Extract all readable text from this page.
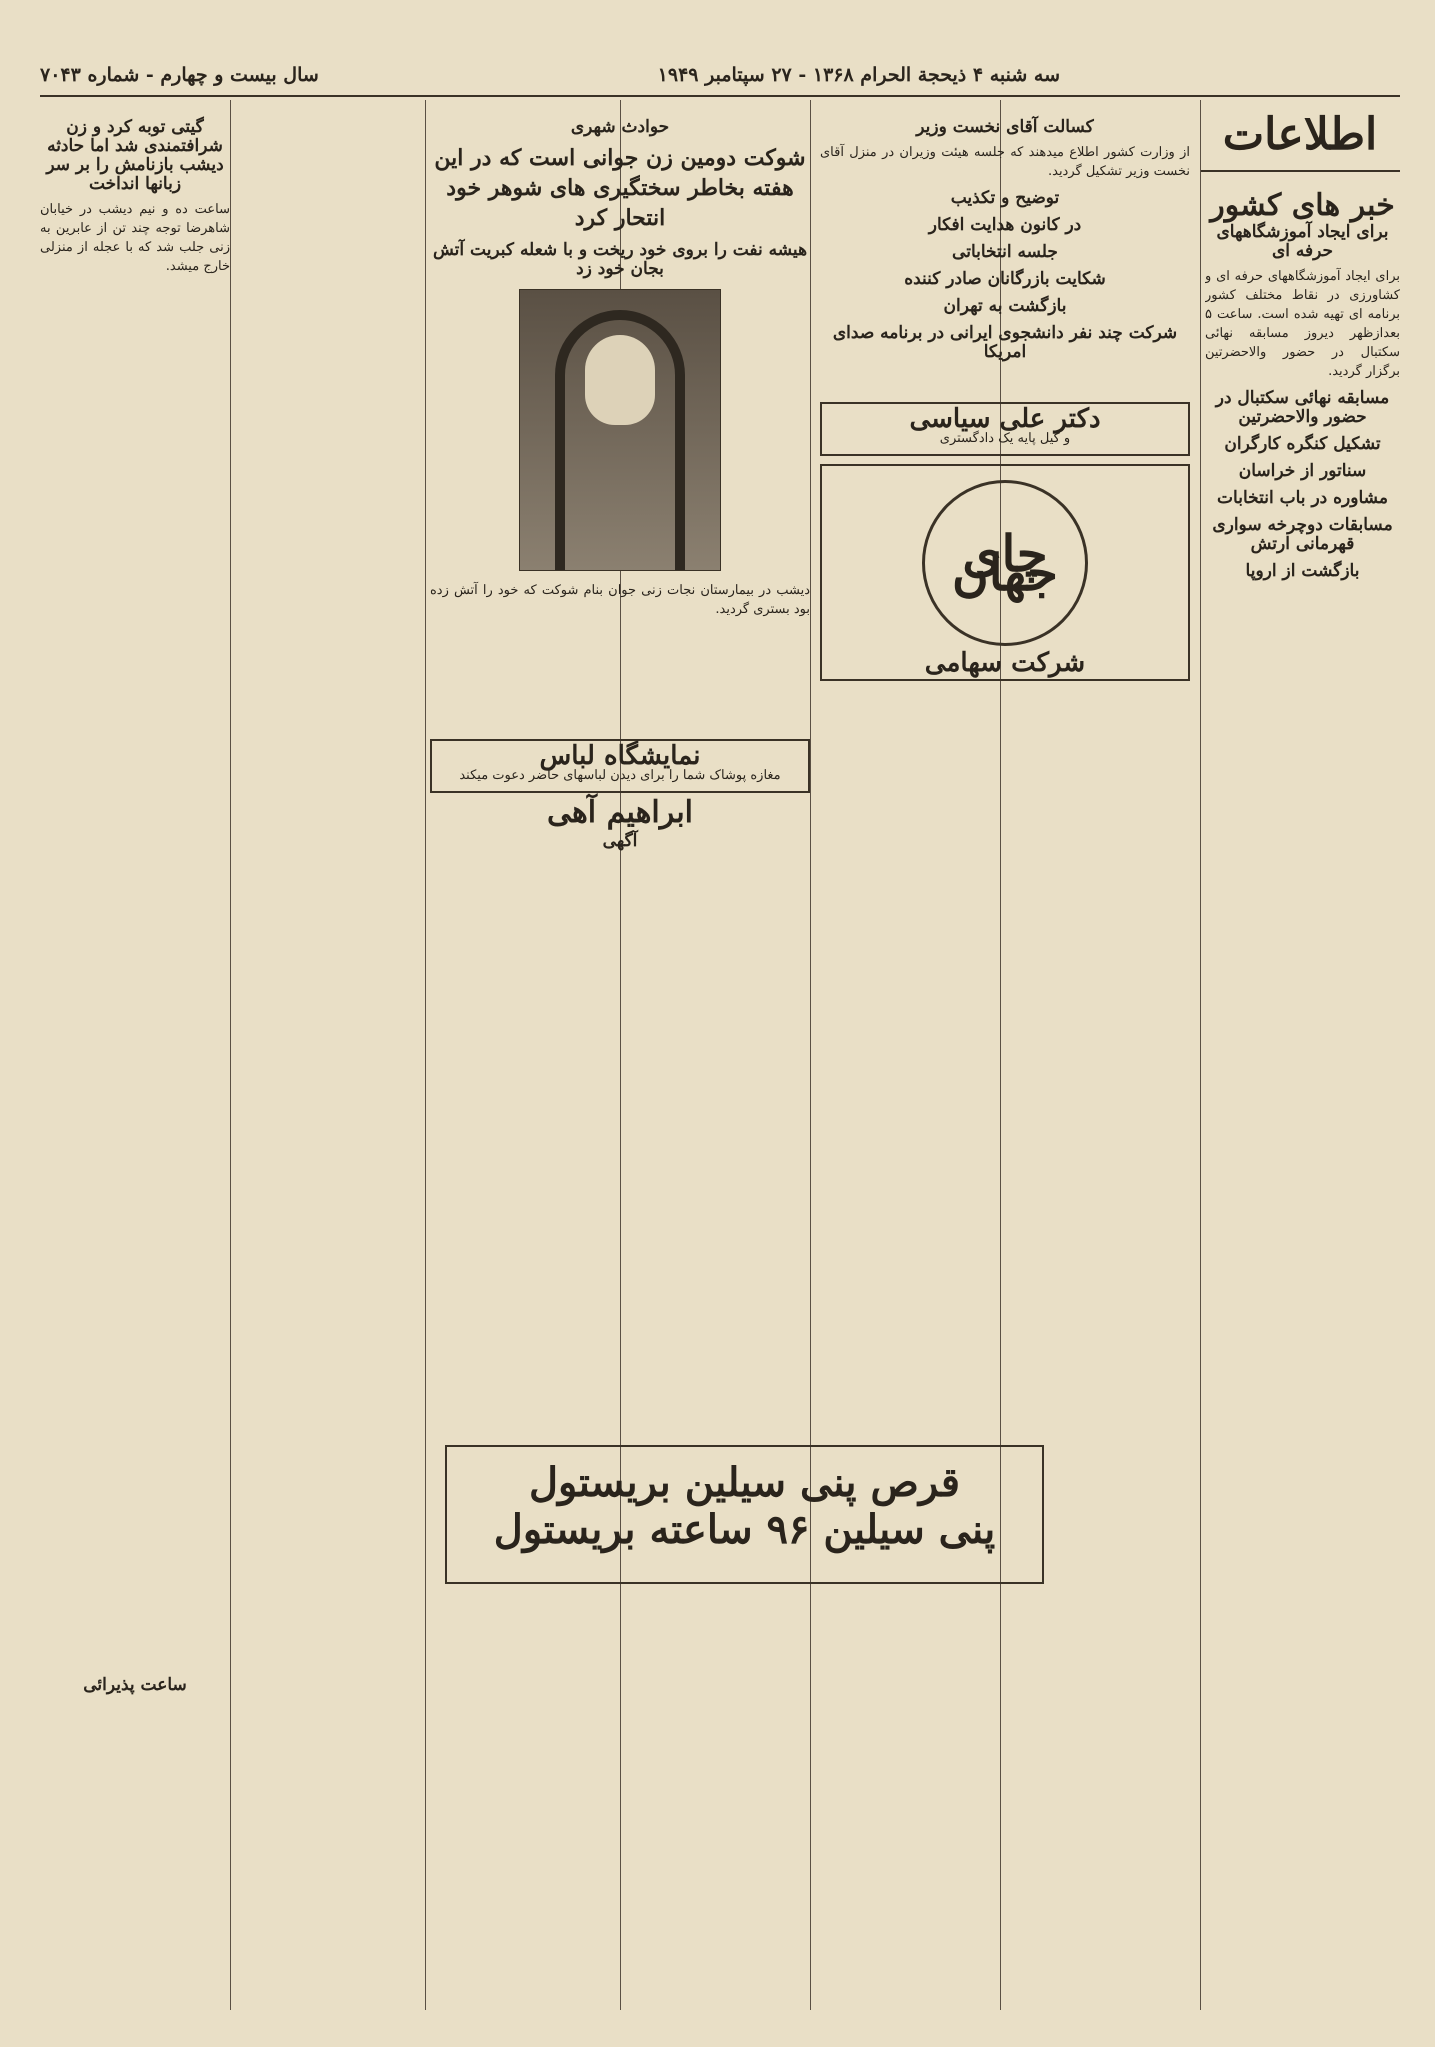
سه شنبه ۴ ذیحجة الحرام ۱۳۶۸ - ۲۷ سپتامبر ۱۹۴۹
سال بیست و چهارم - شماره ۷۰۴۳
اطلاعات
خبر های کشور
برای ایجاد آموزشگاههای حرفه ای

برای ایجاد آموزشگاههای حرفه ای و کشاورزی در نقاط مختلف کشور برنامه ای تهیه شده است. ساعت ۵ بعدازظهر دیروز مسابقه نهائی سکتبال در حضور والاحضرتین برگزار گردید.

مسابقه نهائی سکتبال در حضور والاحضرتین
تشکیل کنگره کارگران
سناتور از خراسان
مشاوره در باب انتخابات
مسابقات دوچرخه سواری قهرمانی ارتش
بازگشت از اروپا
کسالت آقای نخست وزیر

از وزارت کشور اطلاع میدهند که جلسه هیئت وزیران در منزل آقای نخست وزیر تشکیل گردید.

توضیح و تکذیب
در کانون هدایت افکار
جلسه انتخاباتی
شکایت بازرگانان صادر کننده
بازگشت به تهران
شرکت چند نفر دانشجوی ایرانی در برنامه صدای امریکا
دکتر علی سیاسی
و کیل پایه یک دادگستری
چای جهان
شرکت سهامی
حوادث شهری
شوکت دومین زن جوانی است که در این هفته بخاطر سختگیری های شوهر خود انتحار کرد
هیشه نفت را بروی خود ریخت و با شعله کبریت آتش بجان خود زد

دیشب در بیمارستان نجات زنی جوان بنام شوکت که خود را آتش زده بود بستری گردید.

نمایشگاه لباس
مغازه پوشاک شما را برای دیدن لباسهای حاضر دعوت میکند
ابراهیم آهی
آگهی
گیتی توبه کرد و زن شرافتمندی شد اما حادثه دیشب بازنامش را بر سر زبانها انداخت

ساعت ده و نیم دیشب در خیابان شاهرضا توجه چند تن از عابرین به زنی جلب شد که با عجله از منزلی خارج میشد.

ساعت پذیرائی
قرص پنی سیلین بریستول
پنی سیلین ۹۶ ساعته بریستول
